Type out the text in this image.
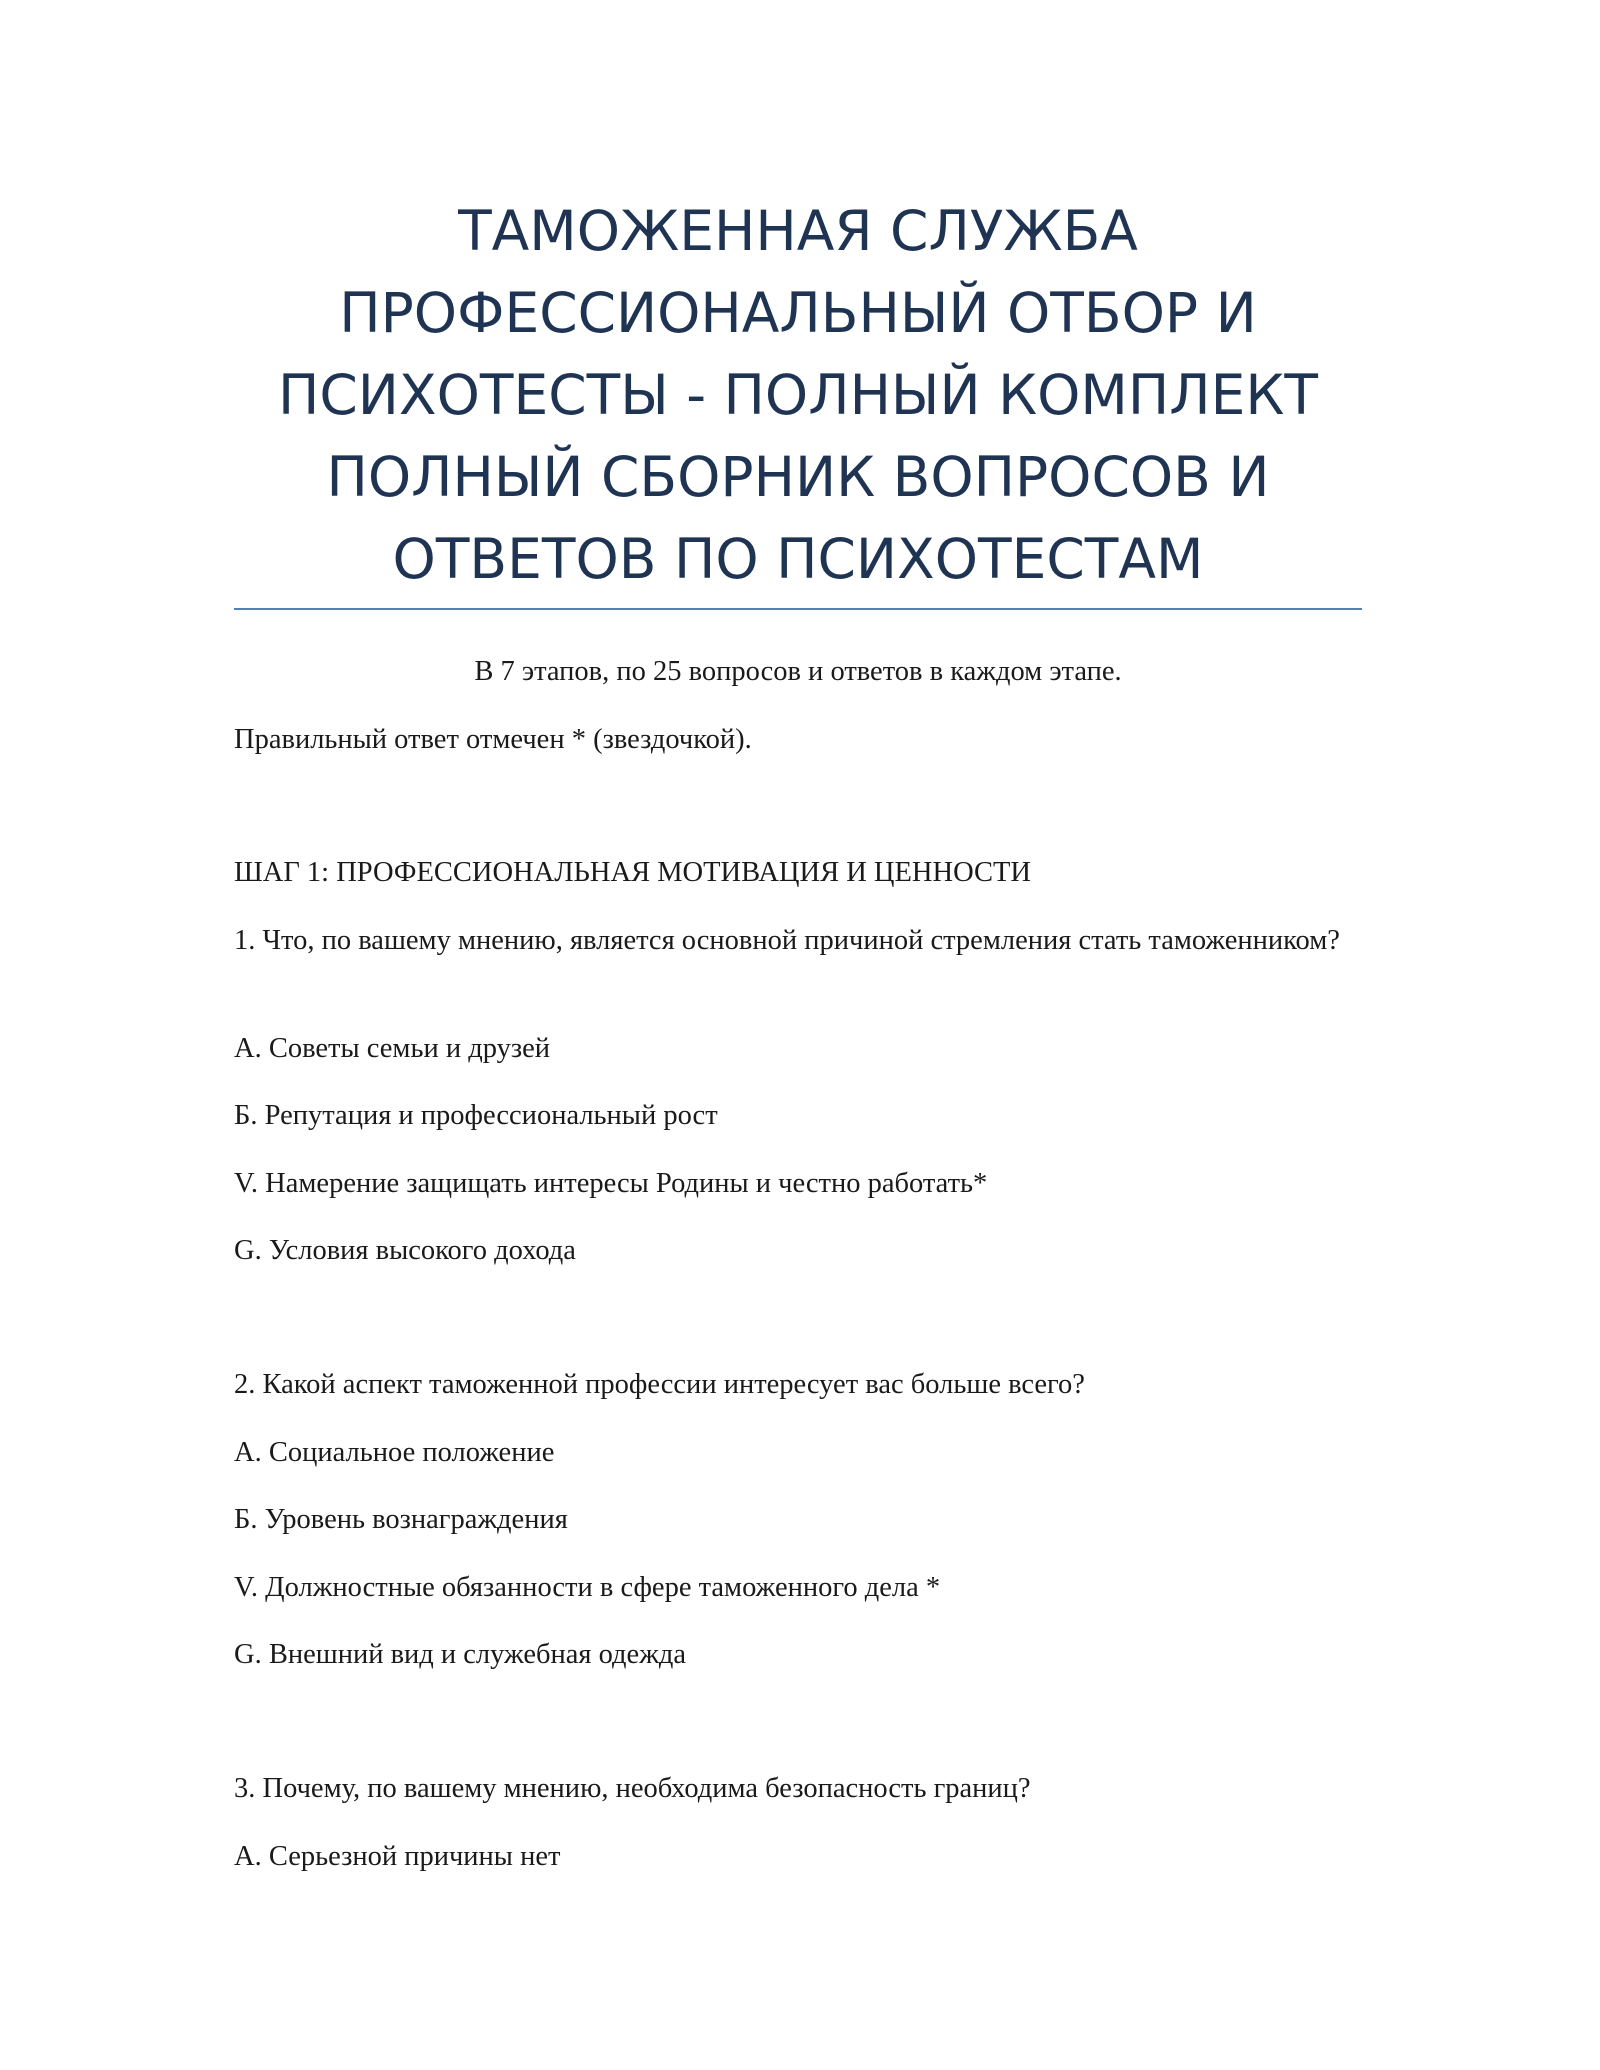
ТАМОЖЕННАЯ СЛУЖБА
ПРОФЕССИОНАЛЬНЫЙ ОТБОР И
ПСИХОТЕСТЫ - ПОЛНЫЙ КОМПЛЕКТ
ПОЛНЫЙ СБОРНИК ВОПРОСОВ И
ОТВЕТОВ ПО ПСИХОТЕСТАМ

В 7 этапов, по 25 вопросов и ответов в каждом этапе.

Правильный ответ отмечен * (звездочкой).

ШАГ 1: ПРОФЕССИОНАЛЬНАЯ МОТИВАЦИЯ И ЦЕННОСТИ

1. Что, по вашему мнению, является основной причиной стремления стать таможенником?

A. Советы семьи и друзей

Б. Репутация и профессиональный рост

V. Намерение защищать интересы Родины и честно работать*

G. Условия высокого дохода

2. Какой аспект таможенной профессии интересует вас больше всего?

A. Социальное положение

Б. Уровень вознаграждения

V. Должностные обязанности в сфере таможенного дела *

G. Внешний вид и служебная одежда

3. Почему, по вашему мнению, необходима безопасность границ?

A. Серьезной причины нет
